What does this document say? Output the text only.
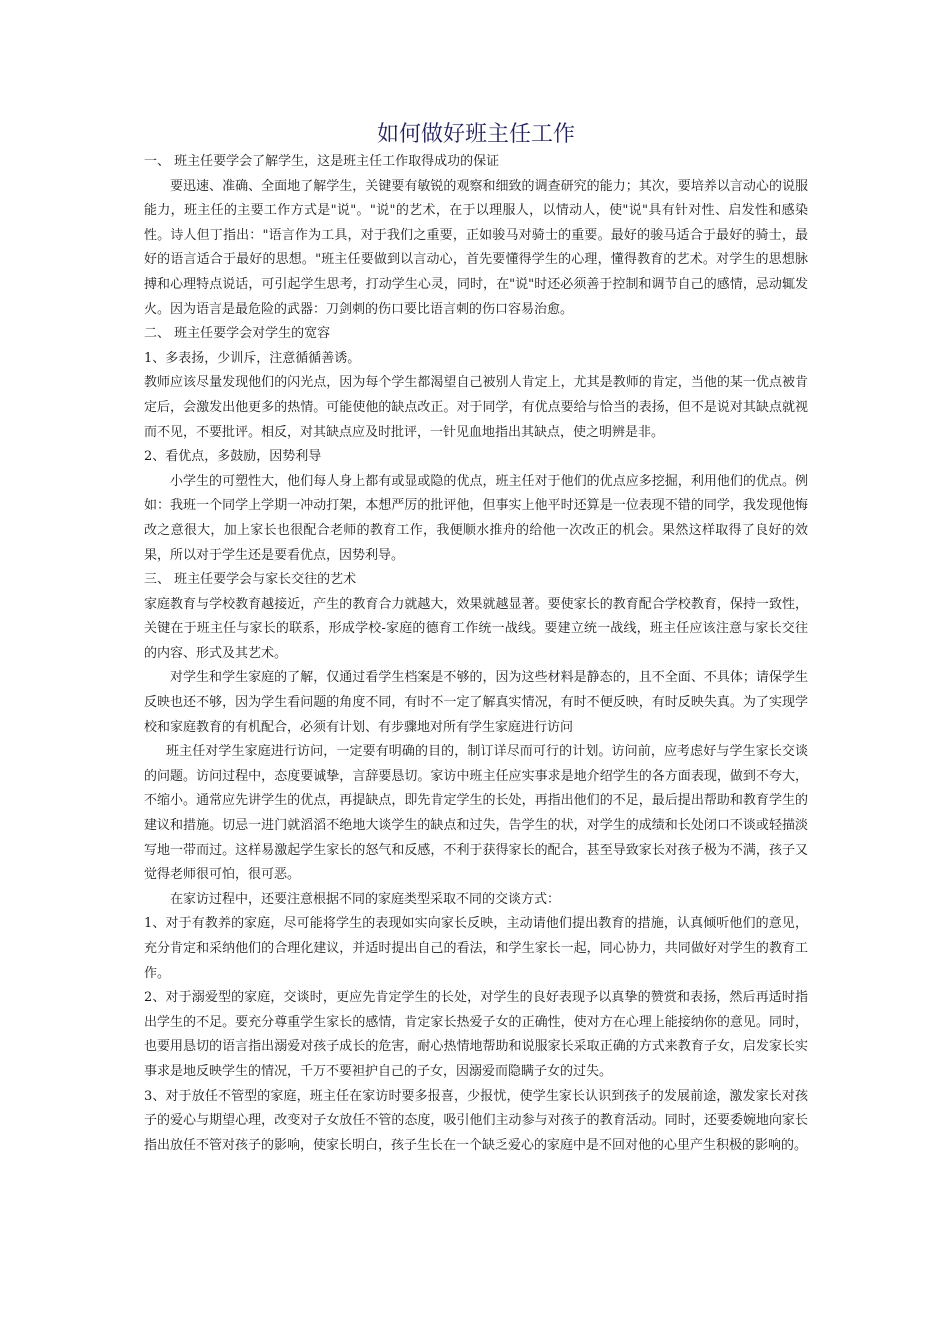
如何做好班主任工作

一、 班主任要学会了解学生，这是班主任工作取得成功的保证

要迅速、准确、全面地了解学生，关键要有敏锐的观察和细致的调查研究的能力；其次，要培养以言动心的说服能力，班主任的主要工作方式是"说"。"说"的艺术，在于以理服人，以情动人，使"说"具有针对性、启发性和感染性。诗人但丁指出："语言作为工具，对于我们之重要，正如骏马对骑士的重要。最好的骏马适合于最好的骑士，最好的语言适合于最好的思想。"班主任要做到以言动心，首先要懂得学生的心理，懂得教育的艺术。对学生的思想脉搏和心理特点说话，可引起学生思考，打动学生心灵，同时，在"说"时还必须善于控制和调节自己的感情，忌动辄发火。因为语言是最危险的武器：刀剑刺的伤口要比语言刺的伤口容易治愈。

二、 班主任要学会对学生的宽容

1、多表扬，少训斥，注意循循善诱。

教师应该尽量发现他们的闪光点，因为每个学生都渴望自己被别人肯定上，尤其是教师的肯定，当他的某一优点被肯定后，会激发出他更多的热情。可能使他的缺点改正。对于同学，有优点要给与恰当的表扬，但不是说对其缺点就视而不见，不要批评。相反，对其缺点应及时批评，一针见血地指出其缺点，使之明辨是非。

2、看优点，多鼓励，因势利导

小学生的可塑性大，他们每人身上都有或显或隐的优点，班主任对于他们的优点应多挖掘，利用他们的优点。例如：我班一个同学上学期一冲动打架，本想严厉的批评他，但事实上他平时还算是一位表现不错的同学，我发现他悔改之意很大，加上家长也很配合老师的教育工作，我便顺水推舟的给他一次改正的机会。果然这样取得了良好的效果，所以对于学生还是要看优点，因势利导。

三、 班主任要学会与家长交往的艺术

家庭教育与学校教育越接近，产生的教育合力就越大，效果就越显著。要使家长的教育配合学校教育，保持一致性，关键在于班主任与家长的联系，形成学校-家庭的德育工作统一战线。要建立统一战线，班主任应该注意与家长交往的内容、形式及其艺术。

对学生和学生家庭的了解，仅通过看学生档案是不够的，因为这些材料是静态的，且不全面、不具体；请保学生反映也还不够，因为学生看问题的角度不同，有时不一定了解真实情况，有时不便反映，有时反映失真。为了实现学校和家庭教育的有机配合，必须有计划、有步骤地对所有学生家庭进行访问

班主任对学生家庭进行访问，一定要有明确的目的，制订详尽而可行的计划。访问前，应考虑好与学生家长交谈的问题。访问过程中，态度要诚挚，言辞要恳切。家访中班主任应实事求是地介绍学生的各方面表现，做到不夸大，不缩小。通常应先讲学生的优点，再提缺点，即先肯定学生的长处，再指出他们的不足，最后提出帮助和教育学生的建议和措施。切忌一进门就滔滔不绝地大谈学生的缺点和过失，告学生的状，对学生的成绩和长处闭口不谈或轻描淡写地一带而过。这样易激起学生家长的怒气和反感，不利于获得家长的配合，甚至导致家长对孩子极为不满，孩子又觉得老师很可怕，很可恶。

在家访过程中，还要注意根据不同的家庭类型采取不同的交谈方式：

1、对于有教养的家庭，尽可能将学生的表现如实向家长反映，主动请他们提出教育的措施，认真倾听他们的意见，充分肯定和采纳他们的合理化建议，并适时提出自己的看法，和学生家长一起，同心协力，共同做好对学生的教育工作。

2、对于溺爱型的家庭，交谈时，更应先肯定学生的长处，对学生的良好表现予以真挚的赞赏和表扬，然后再适时指出学生的不足。要充分尊重学生家长的感情，肯定家长热爱子女的正确性，使对方在心理上能接纳你的意见。同时，也要用恳切的语言指出溺爱对孩子成长的危害，耐心热情地帮助和说服家长采取正确的方式来教育子女，启发家长实事求是地反映学生的情况，千万不要袒护自己的子女，因溺爱而隐瞒子女的过失。

3、对于放任不管型的家庭，班主任在家访时要多报喜，少报忧，使学生家长认识到孩子的发展前途，激发家长对孩子的爱心与期望心理，改变对子女放任不管的态度，吸引他们主动参与对孩子的教育活动。同时，还要委婉地向家长指出放任不管对孩子的影响，使家长明白，孩子生长在一个缺乏爱心的家庭中是不回对他的心里产生积极的影响的。
